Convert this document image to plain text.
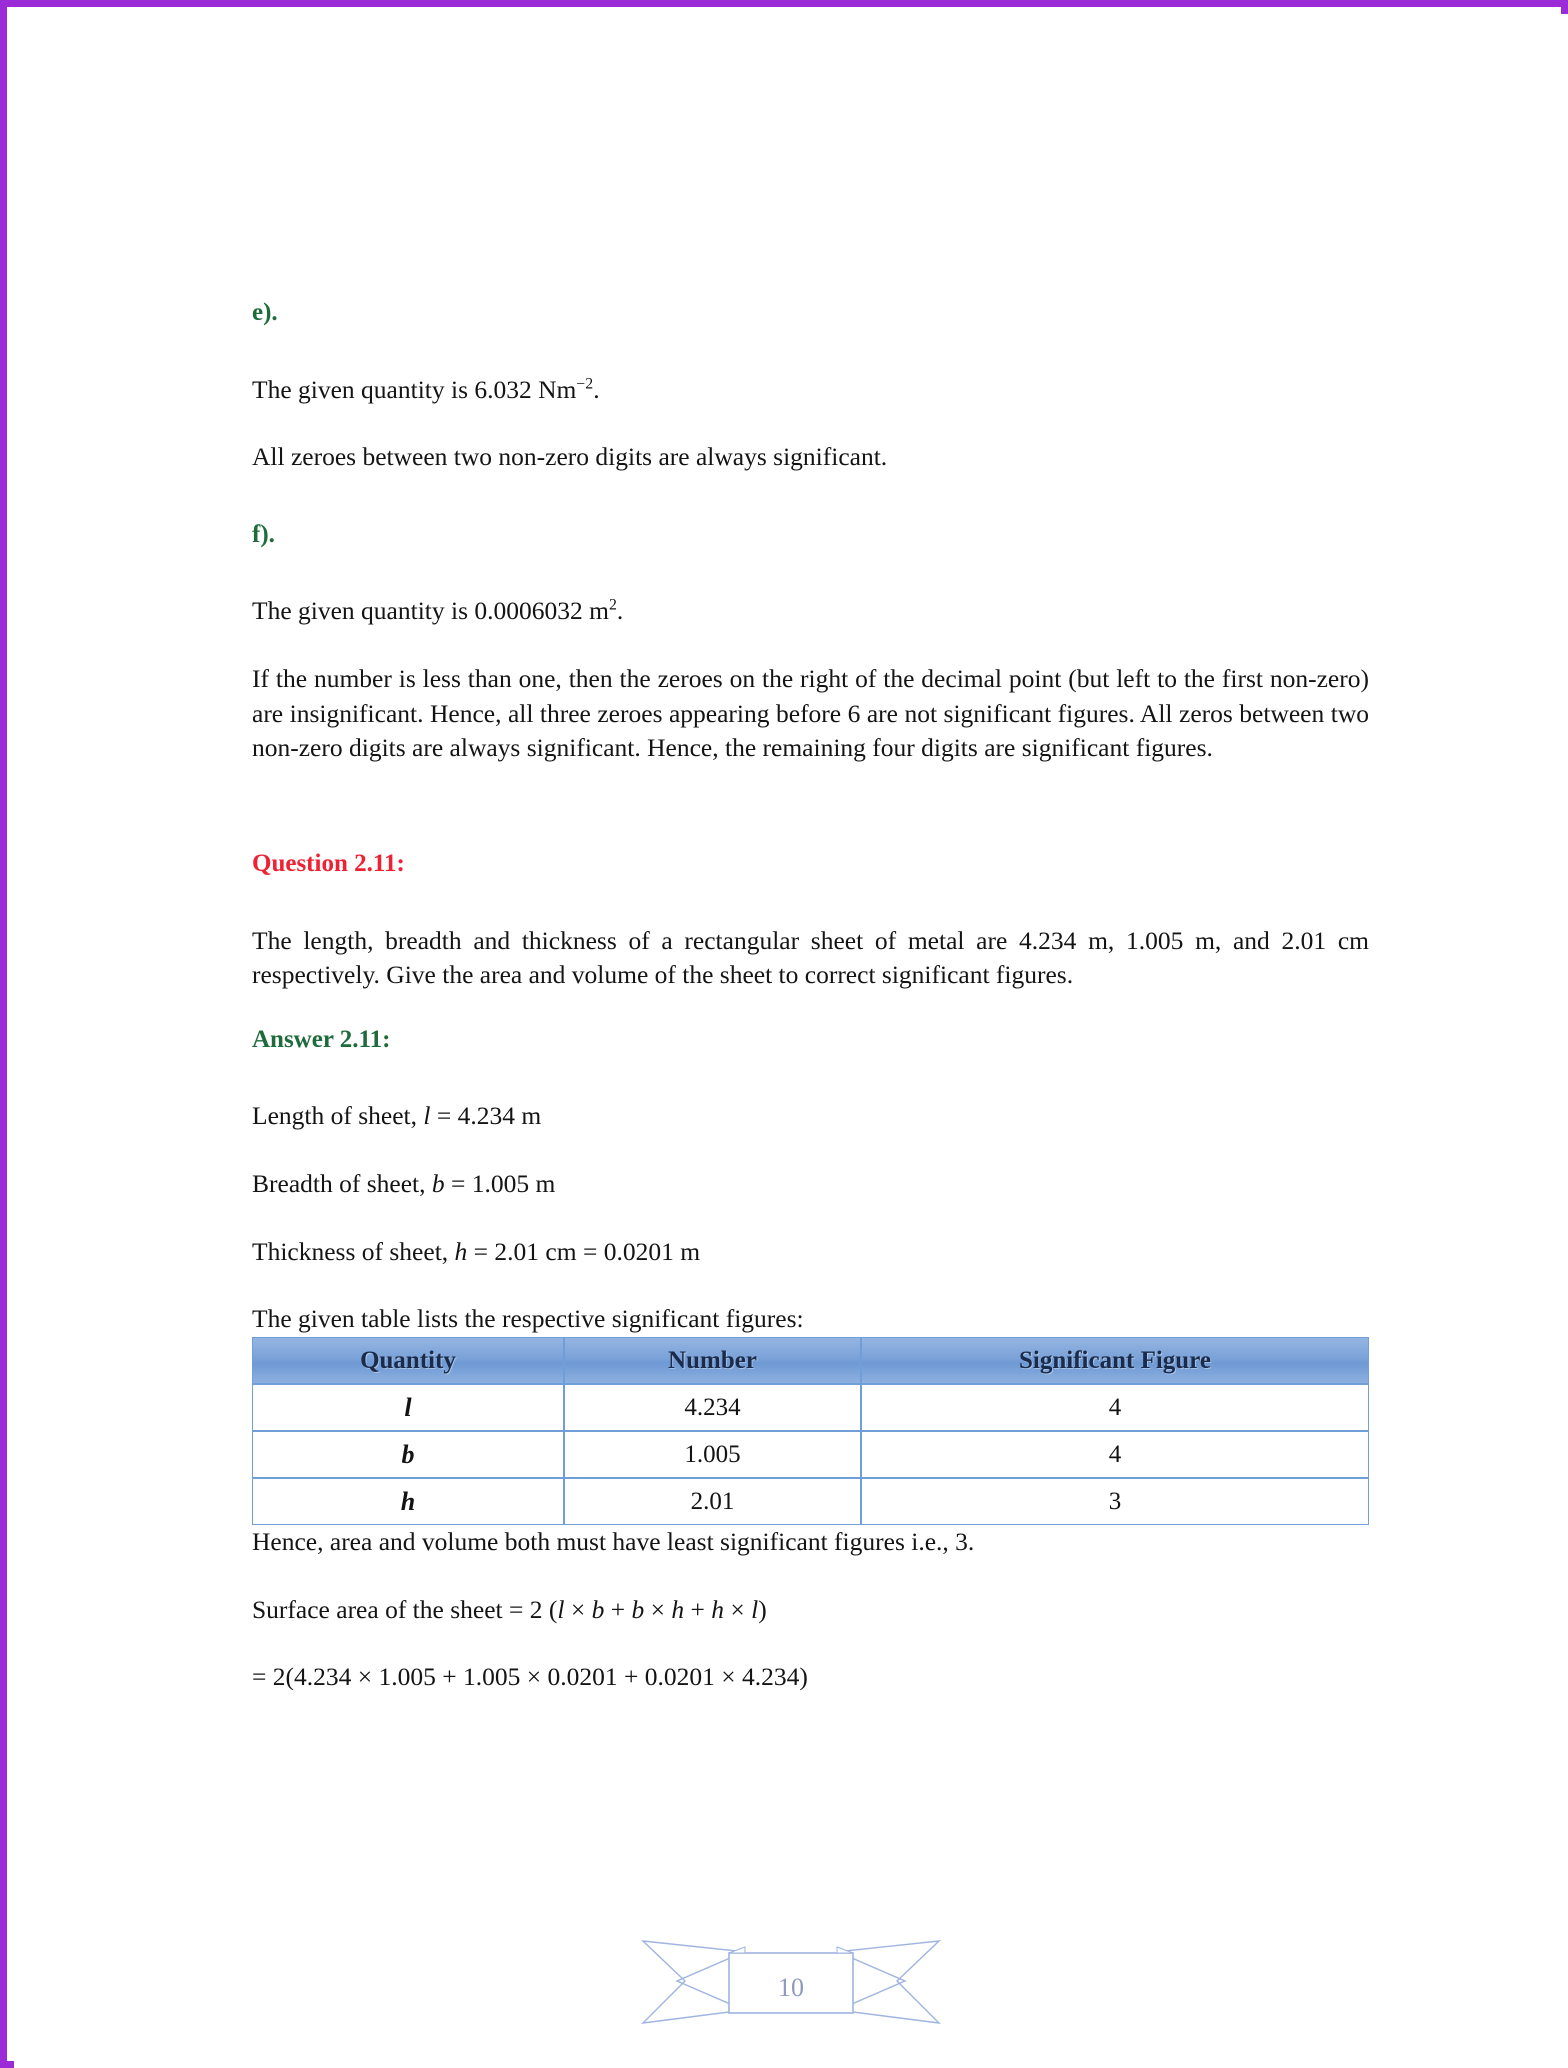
e).

The given quantity is 6.032 $Nm^{-2}$.

All zeroes between two non-zero digits are always significant.

f).

The given quantity is 0.0006032 $m^2$.

If the number is less than one, then the zeroes on the right of the decimal point (but left to the first non-zero) are insignificant. Hence, all three zeroes appearing before 6 are not significant figures. All zeros between two non-zero digits are always significant. Hence, the remaining four digits are significant figures.

Question 2.11:

The length, breadth and thickness of a rectangular sheet of metal are 4.234 m, 1.005 m, and 2.01 cm respectively. Give the area and volume of the sheet to correct significant figures.

Answer 2.11:

Length of sheet, l = 4.234 m

Breadth of sheet, b = 1.005 m

Thickness of sheet, h = 2.01 cm = 0.0201 m

The given table lists the respective significant figures:

Quantity	Number	Significant Figure
l	4.234	4
b	1.005	4
h	2.01	3

Hence, area and volume both must have least significant figures i.e., 3.

Surface area of the sheet = 2 (l × b + b × h + h × l)

= 2(4.234 × 1.005 + 1.005 × 0.0201 + 0.0201 × 4.234)

10
